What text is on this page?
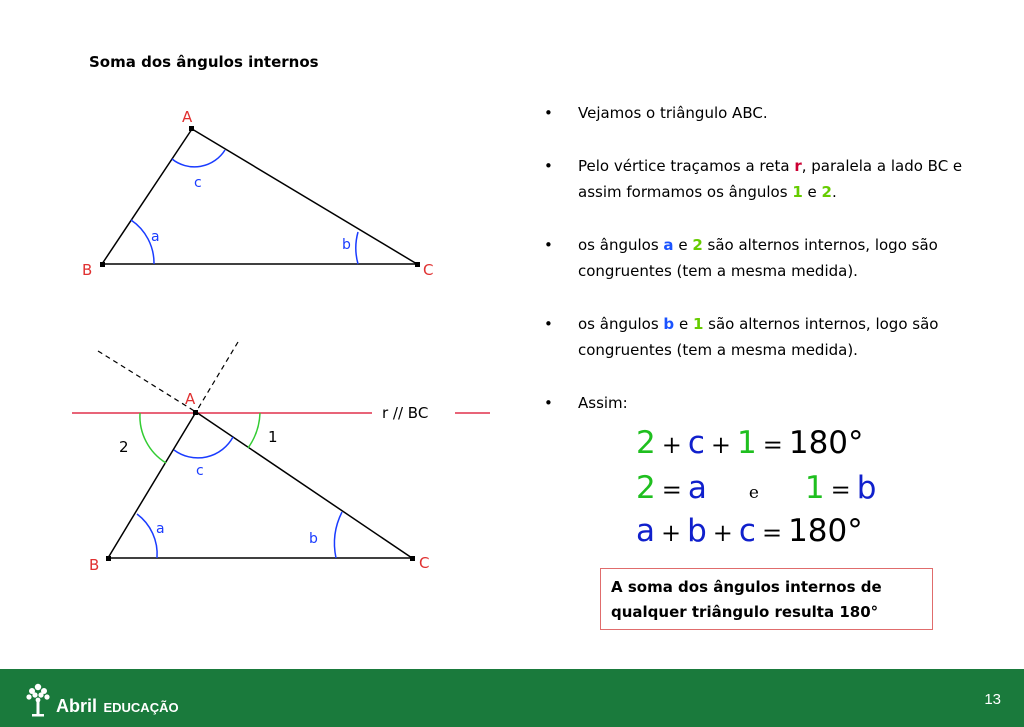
Soma dos ângulos internos
A
B	C
c
a	b
A
B	C
2
1
c
a
b
r // BC
• Vejamos o triângulo ABC.
• Pelo vértice traçamos a reta r, paralela a lado BC e assim formamos os ângulos 1 e 2.
• os ângulos a e 2 são alternos internos, logo são congruentes (tem a mesma medida).
• os ângulos b e 1 são alternos internos, logo são congruentes (tem a mesma medida).
• Assim:
2 + c + 1 = 180°
2 = a e 1 = b
a + b + c = 180°
A soma dos ângulos internos de qualquer triângulo resulta 180°
Abril EDUCAÇÃO	13
